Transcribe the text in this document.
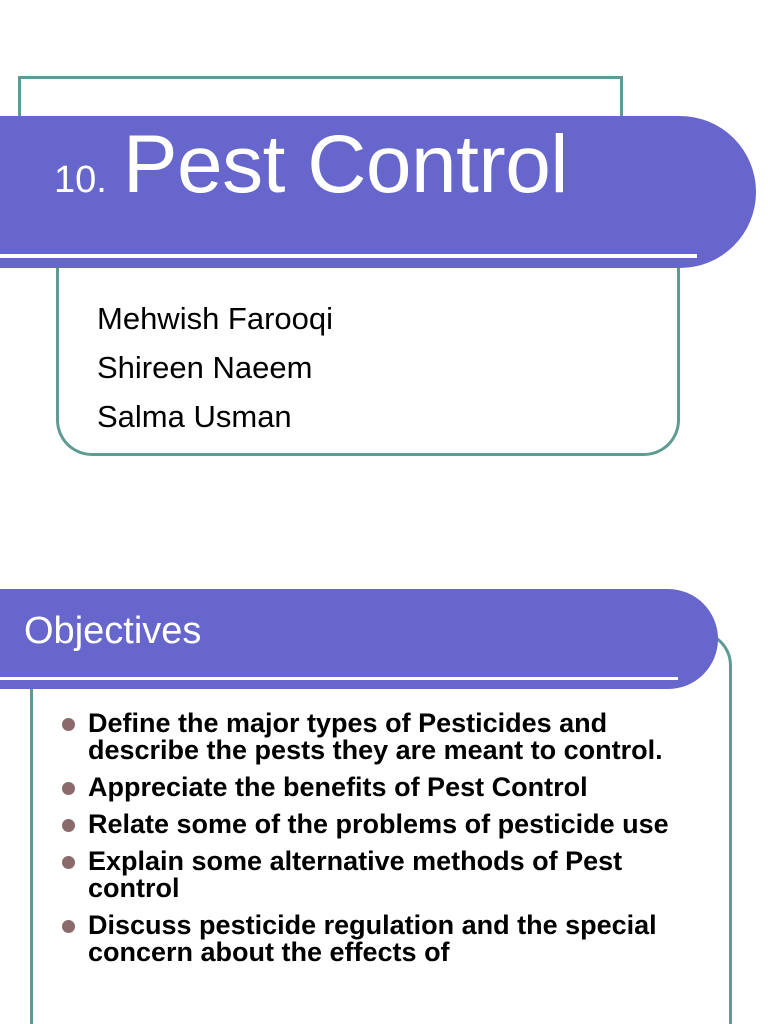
10. Pest Control
Mehwish Farooqi
Shireen Naeem
Salma Usman
Objectives
Define the major types of Pesticides and describe the pests they are meant to control.
Appreciate the benefits of Pest Control
Relate some of the problems of pesticide use
Explain some alternative methods of Pest control
Discuss pesticide regulation and the special concern about the effects of
